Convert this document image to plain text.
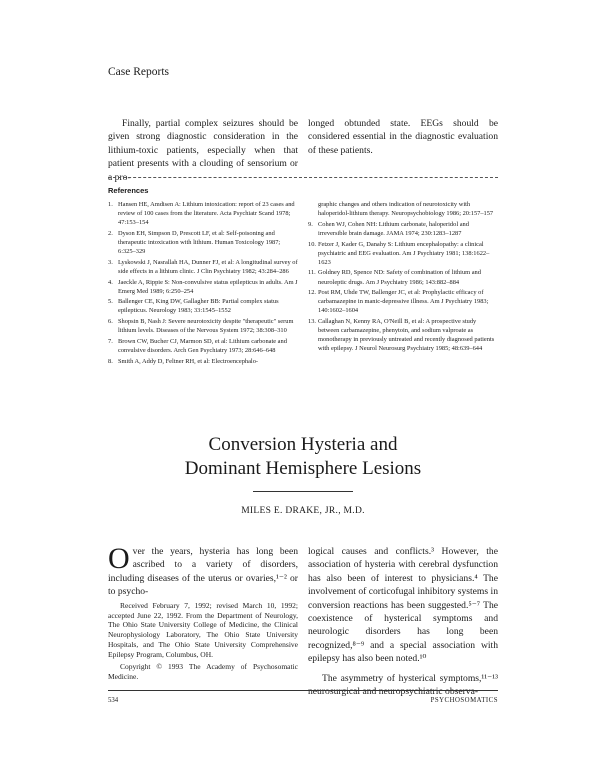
Case Reports

Finally, partial complex seizures should be given strong diagnostic consideration in the lithium-toxic patients, especially when that patient presents with a clouding of sensorium or a pro-

longed obtunded state. EEGs should be considered essential in the diagnostic evaluation of these patients.

References
1. Hansen HE, Amdisen A: Lithium intoxication: report of 23 cases and review of 100 cases from the literature. Acta Psychiatr Scand 1978; 47:153–154
2. Dyson EH, Simpson D, Prescott LF, et al: Self-poisoning and therapeutic intoxication with lithium. Human Toxicology 1987; 6:325–329
3. Lyskowski J, Nasrallah HA, Dunner FJ, et al: A longitudinal survey of side effects in a lithium clinic. J Clin Psychiatry 1982; 43:284–286
4. Jaeckle A, Rippie S: Non-convulsive status epilepticus in adults. Am J Emerg Med 1989; 6:250–254
5. Ballenger CE, King DW, Gallagher BB: Partial complex status epilepticus. Neurology 1983; 33:1545–1552
6. Shopsin B, Nash J: Severe neurotoxicity despite "therapeutic" serum lithium levels. Diseases of the Nervous System 1972; 38:308–310
7. Brown CW, Bucher CJ, Marmon SD, et al: Lithium carbonate and convulsive disorders. Arch Gen Psychiatry 1973; 28:646–648
8. Smith A, Addy D, Feltner RH, et al: Electroencephalo-
graphic changes and others indication of neurotoxicity with haloperidol-lithium therapy. Neuropsychobiology 1986; 20:157–157
9. Cohen WJ, Cohen NH: Lithium carbonate, haloperidol and irreversible brain damage. JAMA 1974; 230:1283–1287
10. Fetzer J, Kader G, Danahy S: Lithium encephalopathy: a clinical psychiatric and EEG evaluation. Am J Psychiatry 1981; 138:1622–1623
11. Goldney RD, Spence ND: Safety of combination of lithium and neuroleptic drugs. Am J Psychiatry 1986; 143:882–884
12. Post RM, Uhde TW, Ballenger JC, et al: Prophylactic efficacy of carbamazepine in manic-depressive illness. Am J Psychiatry 1983; 140:1602–1604
13. Callaghan N, Kenny RA, O'Neill B, et al: A prospective study between carbamazepine, phenytoin, and sodium valproate as monotherapy in previously untreated and recently diagnosed patients with epilepsy. J Neurol Neurosurg Psychiatry 1985; 48:639–644
Conversion Hysteria and
Dominant Hemisphere Lesions
MILES E. DRAKE, JR., M.D.

Over the years, hysteria has long been ascribed to a variety of disorders, including diseases of the uterus or ovaries,¹⁻² or to psycho-

Received February 7, 1992; revised March 10, 1992; accepted June 22, 1992. From the Department of Neurology, The Ohio State University College of Medicine, the Clinical Neurophysiology Laboratory, The Ohio State University Hospitals, and The Ohio State University Comprehensive Epilepsy Program, Columbus, OH.

Copyright © 1993 The Academy of Psychosomatic Medicine.

logical causes and conflicts.³ However, the association of hysteria with cerebral dysfunction has also been of interest to physicians.⁴ The involvement of corticofugal inhibitory systems in conversion reactions has been suggested.⁵⁻⁷ The coexistence of hysterical symptoms and neurologic disorders has long been recognized,⁸⁻⁹ and a special association with epilepsy has also been noted.¹⁰

The asymmetry of hysterical symptoms,¹¹⁻¹³ neurosurgical and neuropsychiatric observa-

534	PSYCHOSOMATICS
